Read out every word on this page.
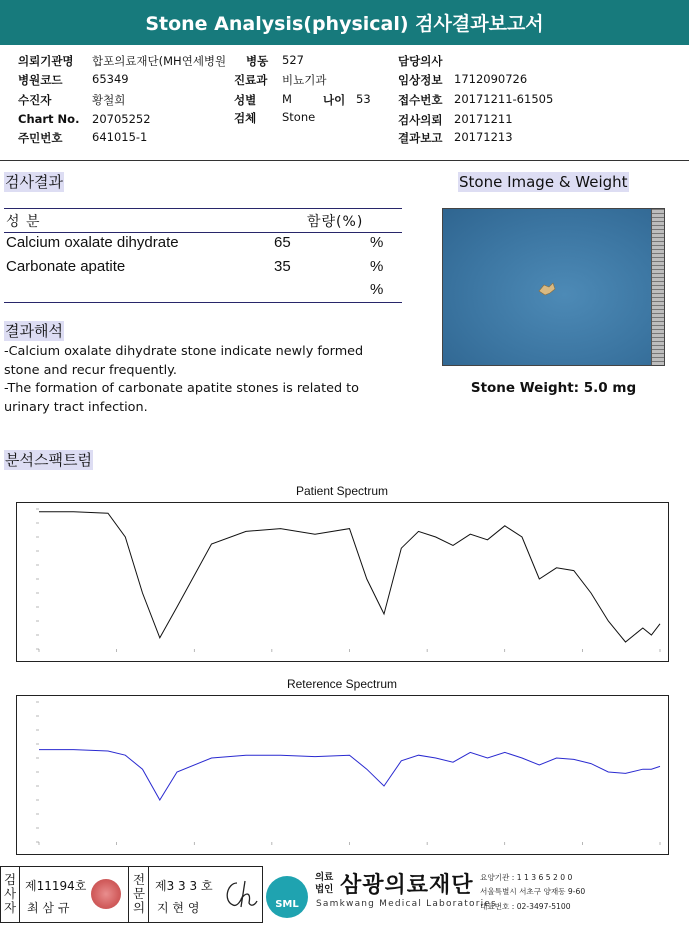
Stone Analysis(physical) 검사결과보고서
의뢰기관명 합포의료재단(MH연세병원
병원코드	65349
수진자	황철희
Chart No. 20705252
주민번호	641015-1
병동 527
진료과 비뇨기과
성별 M	나이 53
검체 Stone
담당의사
임상정보 1712090726
접수번호 20171211-61505
검사의뢰 20171211
결과보고 20171213
검사결과
성 분	함량(%)
Calcium oxalate dihydrate	65	%
Carbonate apatite	35	%
%
결과해석
-Calcium oxalate dihydrate stone indicate newly formed stone and recur frequently.
-The formation of carbonate apatite stones is related to urinary tract infection.
Stone Image & Weight
Stone Weight: 5.0 mg
분석스팩트럼
Patient Spectrum
Reterence Spectrum
검사자
제11194호
최 삼 규
전문의
제3 3 3 호
지 현 영	SML
의료
법인 삼광의료재단
Samkwang Medical Laboratories
요양기관 : 1 1 3 6 5 2 0 0
서울특별시 서초구 양재동 9-60
대표번호 : 02-3497-5100
